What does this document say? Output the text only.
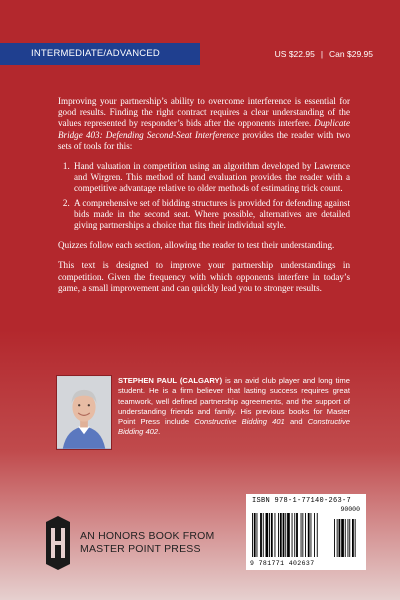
INTERMEDIATE/ADVANCED	US $22.95 | Can $29.95

Improving your partnership’s ability to overcome interference is essential for good results. Finding the right contract requires a clear understanding of the values represented by responder’s bids after the opponents interfere. Duplicate Bridge 403: Defending Second-Seat Interference provides the reader with two sets of tools for this:

1. Hand valuation in competition using an algorithm developed by Lawrence and Wirgren. This method of hand evaluation provides the reader with a competitive advantage relative to older methods of estimating trick count.
2. A comprehensive set of bidding structures is provided for defending against bids made in the second seat. Where possible, alternatives are detailed giving partnerships a choice that fits their individual style.

Quizzes follow each section, allowing the reader to test their understanding.

This text is designed to improve your partnership understandings in competition. Given the frequency with which opponents interfere in today’s game, a small improvement and can quickly lead you to stronger results.

STEPHEN PAUL (CALGARY) is an avid club player and long time student. He is a firm believer that lasting success requires great teamwork, well defined partnership agreements, and the support of understanding friends and family. His previous books for Master Point Press include Constructive Bidding 401 and Constructive Bidding 402.
AN HONORS BOOK FROM
MASTER POINT PRESS
ISBN 978-1-77140-263-7
90000
9 781771 402637
